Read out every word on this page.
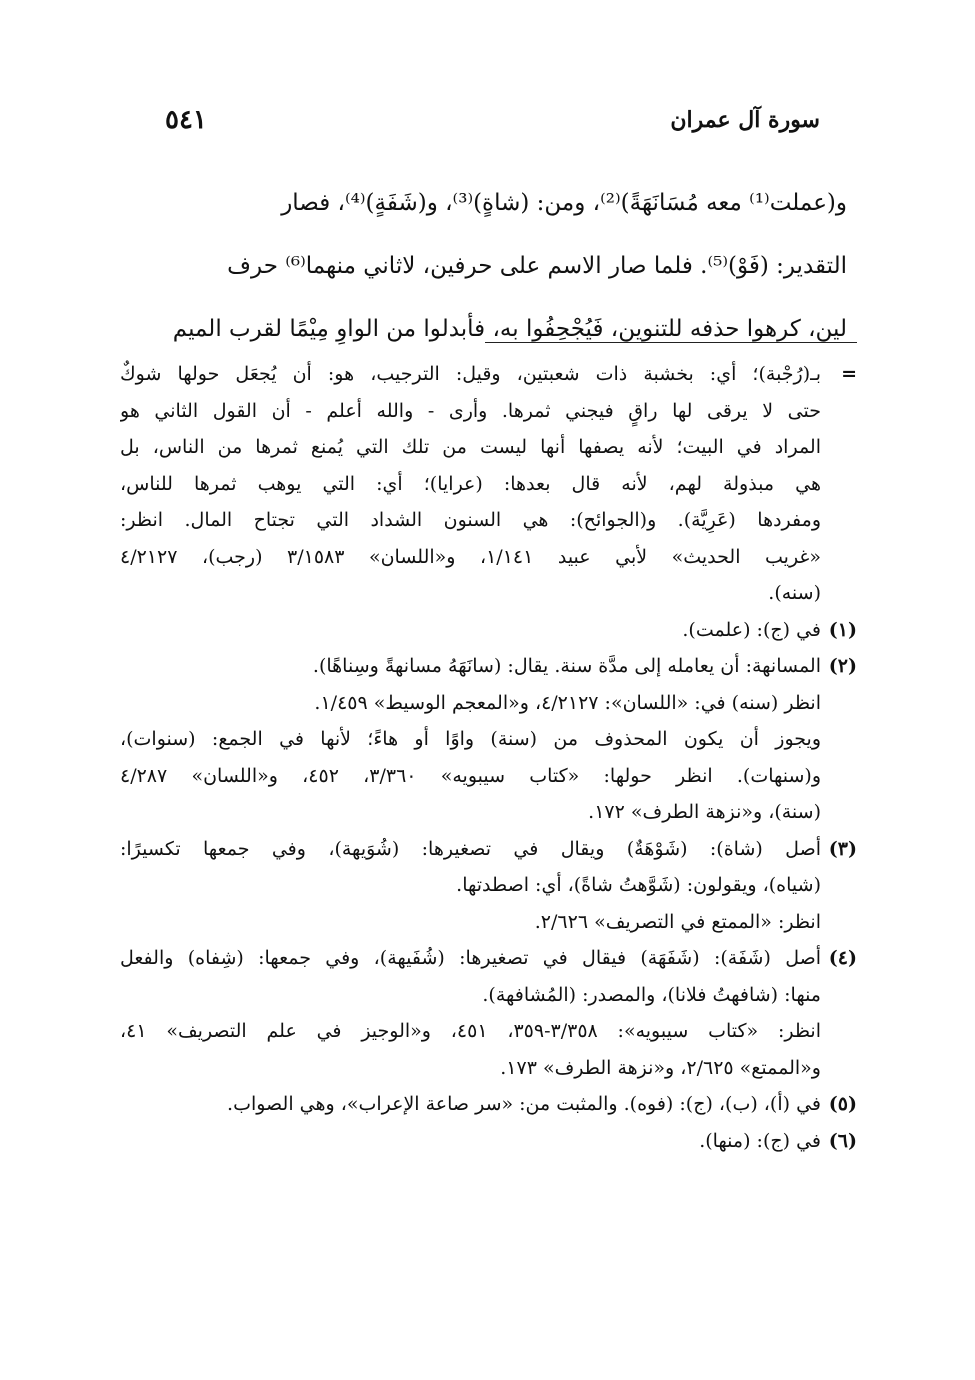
٥٤١	سورة آل عمران
و(عملت⁽¹⁾ معه مُسَانَهَةً)⁽²⁾، ومن: (شاةٍ)⁽³⁾، و(شَفَةٍ)⁽⁴⁾، فصار
التقدير: (فَوْ)⁽⁵⁾. فلما صار الاسم على حرفين، لاثاني منهما⁽⁶⁾ حرف
لين، كرهوا حذفه للتنوين، فَيُجْحِفُوا به، فأبدلوا من الواوِ مِيْمًا لقرب الميم
=
بـ(رُجْبة)؛ أي: بخشبة ذات شعبتين، وقيل: الترجيب، هو: أن يُجعَل حولها شوكٌ
حتى لا يرقى لها راقٍ فيجني ثمرها. وأرى - والله أعلم - أن القول الثاني هو
المراد في البيت؛ لأنه يصفها أنها ليست من تلك التي يُمنع ثمرها من الناس، بل
هي مبذولة لهم، لأنه قال بعدها: (عرايا)؛ أي: التي يوهب ثمرها للناس،
ومفردها (عَرِيَّة). و(الجوائح): هي السنون الشداد التي تجتاح المال. انظر:
«غريب الحديث» لأبي عبيد ١/١٤١، و«اللسان» ٣/١٥٨٣ (رجب)، ٤/٢١٢٧
(سنه).
(١)
في (ج): (علمت).
(٢)
المسانهة: أن يعامله إلى مدَّة سنة. يقال: (سانَهَهُ مسانهةً وسِناهًا).
انظر (سنه) في: «اللسان»: ٤/٢١٢٧، و«المعجم الوسيط» ١/٤٥٩.
ويجوز أن يكون المحذوف من (سنة) واوًا أو هاءً؛ لأنها في الجمع: (سنوات)،
و(سنهات). انظر حولها: «كتاب سيبويه» ٣/٣٦٠، ٤٥٢، و«اللسان» ٤/٢٨٧
(سنة)، و«نزهة الطرف» ١٧٢.
(٣)
أصل (شاة): (شَوْهَةٌ) ويقال في تصغيرها: (شُوَيهة)، وفي جمعها تكسيرًا:
(شياه)، ويقولون: (شَوَّهتُ شاةً)، أي: اصطدتها.
انظر: «الممتع في التصريف» ٢/٦٢٦.
(٤)
أصل (شَفَة): (شَفَهَة) فيقال في تصغيرها: (شُفَيهة)، وفي جمعها: (شِفاه) والفعل
منها: (شافهتُ فلانا)، والمصدر: (المُشافهة).
انظر: «كتاب سيبويه»: ٣/٣٥٨-٣٥٩، ٤٥١، و«الوجيز في علم التصريف» ٤١،
و«الممتع» ٢/٦٢٥، و«نزهة الطرف» ١٧٣.
(٥)
في (أ)، (ب)، (ج): (فوه). والمثبت من: «سر صاعة الإعراب»، وهي الصواب.
(٦)
في (ج): (منها).
